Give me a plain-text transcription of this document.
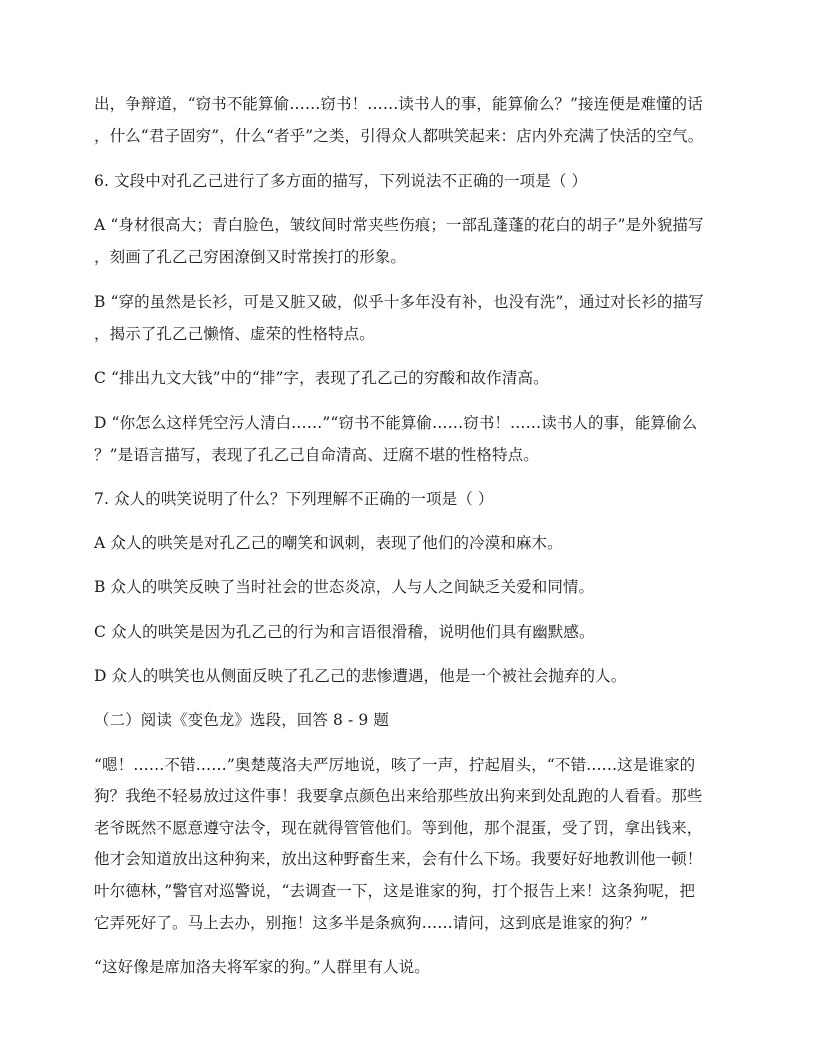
出，争辩道，“窃书不能算偷……窃书！……读书人的事，能算偷么？”接连便是难懂的话
，什么“君子固穷”，什么“者乎”之类，引得众人都哄笑起来：店内外充满了快活的空气。
6. 文段中对孔乙己进行了多方面的描写，下列说法不正确的一项是（ ）
A “身材很高大；青白脸色，皱纹间时常夹些伤痕；一部乱蓬蓬的花白的胡子”是外貌描写
，刻画了孔乙己穷困潦倒又时常挨打的形象。
B “穿的虽然是长衫，可是又脏又破，似乎十多年没有补，也没有洗”，通过对长衫的描写
，揭示了孔乙己懒惰、虚荣的性格特点。
C “排出九文大钱”中的“排”字，表现了孔乙己的穷酸和故作清高。
D “你怎么这样凭空污人清白……”“窃书不能算偷……窃书！……读书人的事，能算偷么
？”是语言描写，表现了孔乙己自命清高、迂腐不堪的性格特点。
7. 众人的哄笑说明了什么？下列理解不正确的一项是（ ）
A 众人的哄笑是对孔乙己的嘲笑和讽刺，表现了他们的冷漠和麻木。
B 众人的哄笑反映了当时社会的世态炎凉，人与人之间缺乏关爱和同情。
C 众人的哄笑是因为孔乙己的行为和言语很滑稽，说明他们具有幽默感。
D 众人的哄笑也从侧面反映了孔乙己的悲惨遭遇，他是一个被社会抛弃的人。
（二）阅读《变色龙》选段，回答 8 - 9 题
“嗯！……不错……”奥楚蔑洛夫严厉地说，咳了一声，拧起眉头，“不错……这是谁家的
狗？我绝不轻易放过这件事！我要拿点颜色出来给那些放出狗来到处乱跑的人看看。那些
老爷既然不愿意遵守法令，现在就得管管他们。等到他，那个混蛋，受了罚，拿出钱来，
他才会知道放出这种狗来，放出这种野畜生来，会有什么下场。我要好好地教训他一顿！
叶尔德林，”警官对巡警说，“去调查一下，这是谁家的狗，打个报告上来！这条狗呢，把
它弄死好了。马上去办，别拖！这多半是条疯狗……请问，这到底是谁家的狗？”
“这好像是席加洛夫将军家的狗。”人群里有人说。
